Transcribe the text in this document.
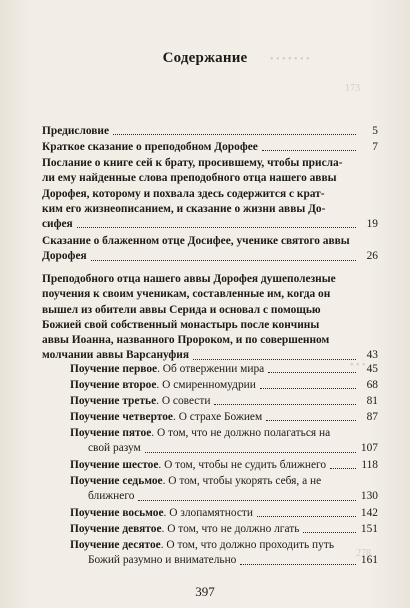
• • • • • • •
173
• • •
278
Содержание
Предисловие	5
Краткое сказание о преподобном Дорофее	7
Послание о книге сей к брату, просившему, чтобы присла-
ли ему найденные слова преподобного отца нашего аввы
Дорофея, которому и похвала здесь содержится с крат-
ким его жизнеописанием, и сказание о жизни аввы До-
сифея	19
Сказание о блаженном отце Досифее, ученике святого аввы
Дорофея	26
Преподобного отца нашего аввы Дорофея душеполезные
поучения к своим ученикам, составленные им, когда он
вышел из обители аввы Серида и основал с помощью
Божией свой собственный монастырь после кончины
аввы Иоанна, названного Пророком, и по совершенном
молчании аввы Варсануфия	43
Поучение первое. Об отвержении мира	45
Поучение второе. О смиренномудрии	68
Поучение третье. О совести	81
Поучение четвертое. О страхе Божием	87
Поучение пятое. О том, что не должно полагаться на
свой разум	107
Поучение шестое. О том, чтобы не судить ближнего	118
Поучение седьмое. О том, чтобы укорять себя, а не
ближнего	130
Поучение восьмое. О злопамятности	142
Поучение девятое. О том, что не должно лгать	151
Поучение десятое. О том, что должно проходить путь
Божий разумно и внимательно	161
397
